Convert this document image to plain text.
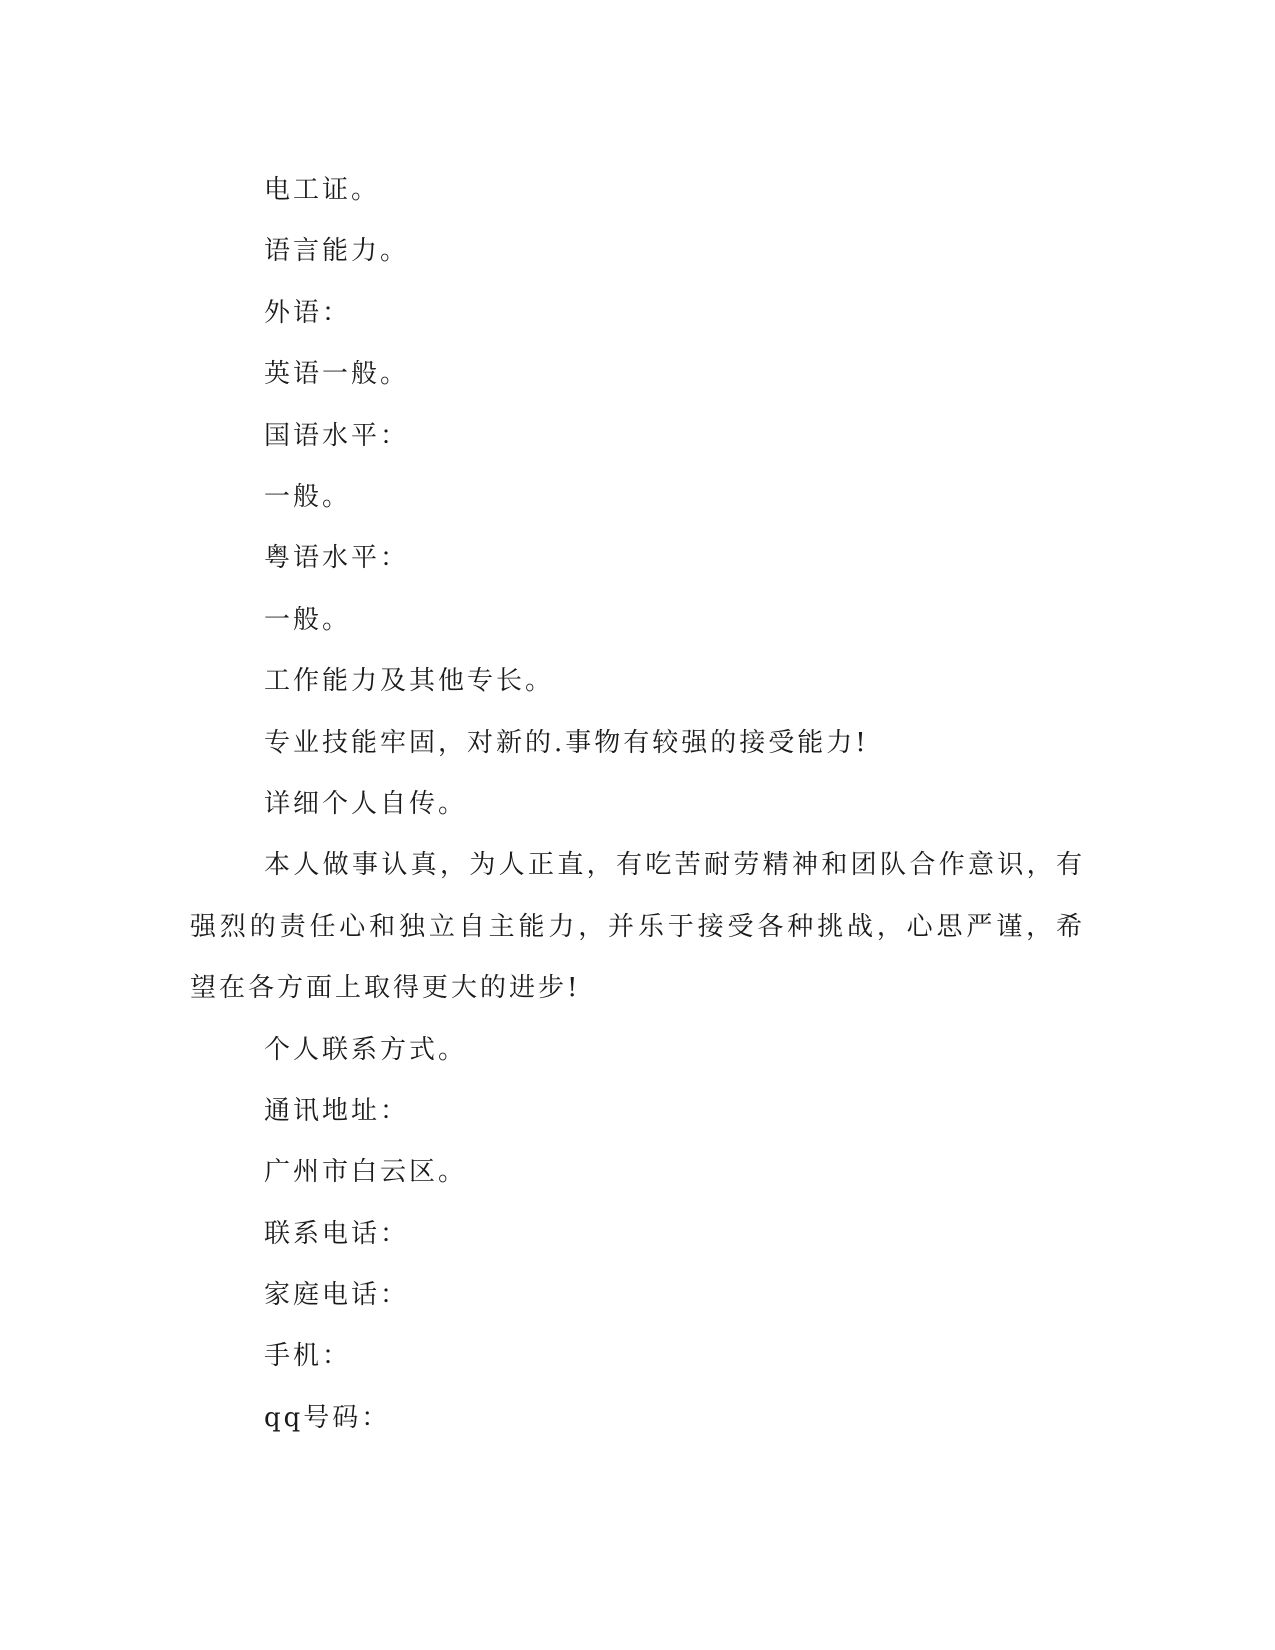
电工证。

语言能力。

外语：

英语一般。

国语水平：

一般。

粤语水平：

一般。

工作能力及其他专长。

专业技能牢固，对新的.事物有较强的接受能力!

详细个人自传。

本人做事认真，为人正直，有吃苦耐劳精神和团队合作意识，有强烈的责任心和独立自主能力，并乐于接受各种挑战，心思严谨，希望在各方面上取得更大的进步!

个人联系方式。

通讯地址：

广州市白云区。

联系电话：

家庭电话：

手机：

qq号码：
